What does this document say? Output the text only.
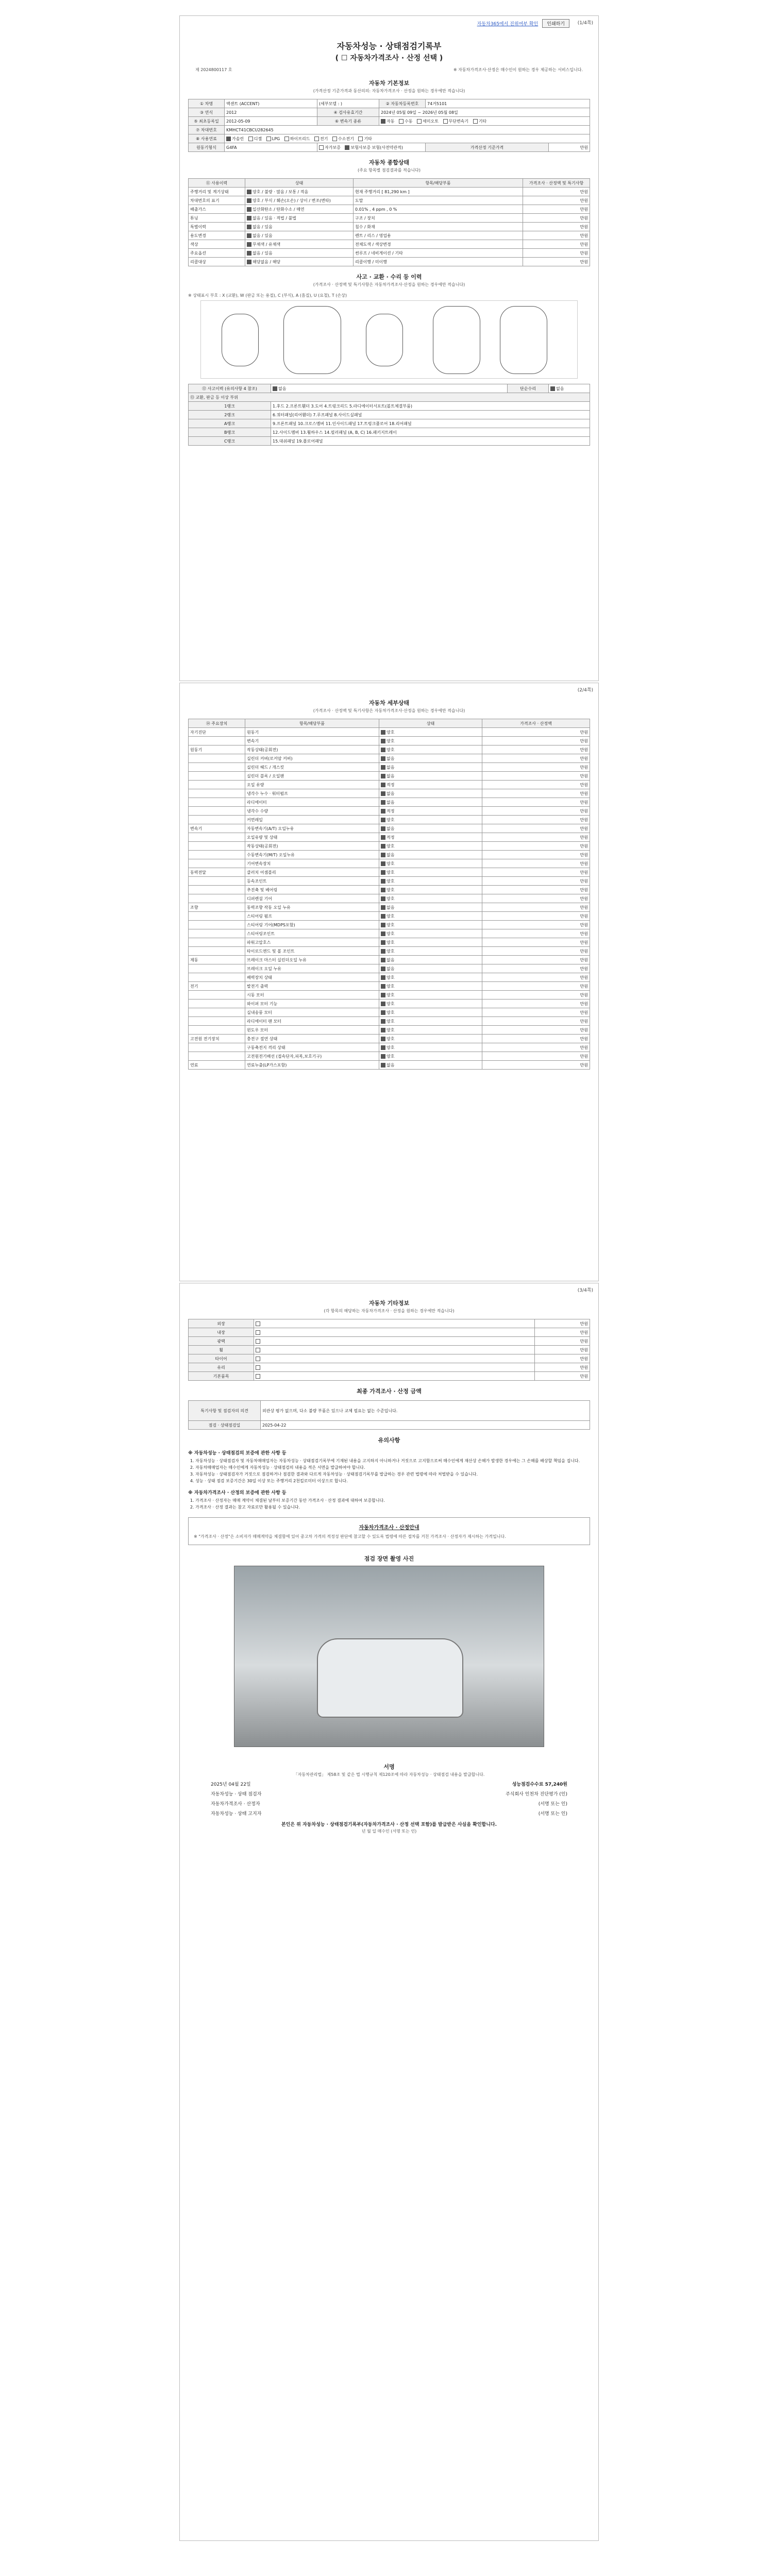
자동차365에서 진위여부 확인	인쇄하기	(1/4쪽)
자동차성능 · 상태점검기록부
( ☐ 자동차가격조사 · 산정 선택 )
제 2024800117 호	※ 자동차가격조사·산정은 매수인이 원하는 경우 제공하는 서비스입니다.
자동차 기본정보
(가격산정 기준가격과 동산의의: 자동차가격조사 · 산정을 원하는 경우에만 적습니다)
① 차명	액센트 (ACCENT)	(세부모델 : )	② 자동차등록번호	74거5101	
③ 연식	2012	④ 검사유효기간	2024년 05월 09일 ~ 2026년 05월 08일		
⑤ 최초등록일	2012-05-09	⑥ 변속기 종류	자동 수동 세미오토 무단변속기 기타		
⑦ 차대번호	KMHCT41CBCU282645				
⑧ 사용연료	가솔린 디젤 LPG 하이브리드 전기 수소전기 기타				
원동기형식	G4FA	자가보증 보험사보증 보험(사전약관적)		가격산정 기준가격	만원
자동차 종합상태
(주요 항목별 점검결과를 적습니다)
⑪ 사용이력	상태	항목/해당부품	가격조사 · 산정액 및 특기사항
주행거리 및 계기상태	양호 / 불량 · 많음 / 보통 / 적음	현재 주행거리 [ 81,290 km ]	만원
차대번호의 표기	양호 / 부식 / 훼손(오손) / 상이 / 변조(변타)	도말	만원
배출가스	일산화탄소 / 탄화수소 / 매연	0.01% , 4 ppm , 0 %	만원
튜닝	없음 / 있음 · 적법 / 불법	구조 / 장치	만원
특별이력	없음 / 있음	침수 / 화재	만원
용도변경	없음 / 있음	렌트 / 리스 / 영업용	만원
색상	무채색 / 유채색	전체도색 / 색상변경	만원
주요옵션	없음 / 있음	썬루프 / 네비게이션 / 기타	만원
리콜대상	해당없음 / 해당	리콜이행 / 미이행	만원
사고 · 교환 · 수리 등 이력
(가격조사 · 산정액 및 특기사항은 자동차가격조사·산정을 원하는 경우에만 적습니다)
※ 상태표시 부호 : X (교환), W (판금 또는 용접), C (부식), A (흠집), U (요철), T (손상)
⑫ 사고이력 (유의사항 4 참조)	없음	단순수리	없음
⑬ 교환, 판금 등 이상 부위			
1랭크	1.후드 2.프론트휀더 3.도어 4.트렁크리드 5.라디에이터서포트(볼트체결부품)		
2랭크	6.쿼터패널(리어휀더) 7.루프패널 8.사이드실패널		
A랭크	9.프론트패널 10.크로스멤버 11.인사이드패널 17.트렁크플로어 18.리어패널		
B랭크	12.사이드멤버 13.휠하우스 14.필러패널 (A, B, C) 16.패키지트레이		
C랭크	15.대쉬패널 19.플로어패널		
(2/4쪽)
자동차 세부상태
(가격조사 · 산정액 및 특기사항은 자동차가격조사·산정을 원하는 경우에만 적습니다)
⑭ 주요장치	항목/해당부품	상태	가격조사 · 산정액
자기진단	원동기	양호	만원
	변속기	양호	만원
원동기	작동상태(공회전)	양호	만원
	실린더 커버(로커암 커버)	없음	만원
	실린더 헤드 / 개스킷	없음	만원
	실린더 블록 / 오일팬	없음	만원
	오일 유량	적정	만원
	냉각수 누수 · 워터펌프	없음	만원
	라디에이터	없음	만원
	냉각수 수량	적정	만원
	커먼레일	양호	만원
변속기	자동변속기(A/T) 오일누유	없음	만원
	오일유량 및 상태	적정	만원
	작동상태(공회전)	양호	만원
	수동변속기(M/T) 오일누유	없음	만원
	기어변속장치	양호	만원
동력전달	클러치 어셈블리	양호	만원
	등속조인트	양호	만원
	추진축 및 베어링	양호	만원
	디퍼렌셜 기어	양호	만원
조향	동력조향 작동 오일 누유	없음	만원
	스티어링 펌프	양호	만원
	스티어링 기어(MDPS포함)	양호	만원
	스티어링조인트	양호	만원
	파워고압호스	양호	만원
	타이로드엔드 및 볼 조인트	양호	만원
제동	브레이크 마스터 실린더오일 누유	없음	만원
	브레이크 오일 누유	없음	만원
	배력장치 상태	양호	만원
전기	발전기 출력	양호	만원
	시동 모터	양호	만원
	와이퍼 모터 기능	양호	만원
	실내송풍 모터	양호	만원
	라디에이터 팬 모터	양호	만원
	윈도우 모터	양호	만원
고전원 전기장치	충전구 절연 상태	양호	만원
	구동축전지 격리 상태	양호	만원
	고전원전기배선 (접속단자,피복,보호기구)	양호	만원
연료	연료누출(LP가스포함)	없음	만원
(3/4쪽)
자동차 기타정보
(각 항목의 해당하는 자동차가격조사 · 산정을 원하는 경우에만 적습니다)
외장		만원
내장		만원
광택		만원
휠		만원
타이어		만원
유리		만원
기본품목		만원
최종 가격조사 · 산정 금액
특기사항 및 점검자의 의견	외관상 평가 없으며, 다소 불량 부품은 있으나 교체 필요는 없는 수준입니다.
점검 · 상태점검일	2025-04-22
유의사항
※ 자동차성능 · 상태점검의 보증에 관한 사항 등
1. 자동차성능 · 상태점검자 및 자동차매매업자는 자동차성능 · 상태점검기록부에 기재된 내용을 고지하지 아니하거나 거짓으로 고지함으로써 매수인에게 재산상 손해가 발생한 경우에는 그 손해를 배상할 책임을 집니다.
2. 자동차매매업자는 매수인에게 자동차성능 · 상태점검의 내용을 적은 서면을 발급하여야 합니다.
3. 자동차성능 · 상태점검자가 거짓으로 점검하거나 점검한 결과와 다르게 자동차성능 · 상태점검기록부를 발급하는 경우 관련 법령에 따라 처벌받을 수 있습니다.
4. 성능 · 상태 점검 보증기간은 30일 이상 또는 주행거리 2천킬로미터 이상으로 합니다.
※ 자동차가격조사 · 산정의 보증에 관한 사항 등
1. 가격조사 · 산정자는 매매 계약이 체결된 날부터 보증기간 동안 가격조사 · 산정 결과에 대하여 보증합니다.
2. 가격조사 · 산정 결과는 참고 자료로만 활용될 수 있습니다.
자동차가격조사 · 산정안내
※ "가격조사 · 산정"은 소비자가 매매계약을 체결함에 있어 중고차 가격의 적정성 판단에 참고할 수 있도록 법령에 따른 절차를 거친 가격조사 · 산정자가 제시하는 가격입니다.
점검 장면 촬영 사진
서명
「자동차관리법」 제58조 및 같은 법 시행규칙 제120조에 따라 자동차성능 · 상태점검 내용을 발급합니다.
2025년 04월 22일	성능점검수수료 57,240원
자동차성능 · 상태 점검자	주식회사 인천차 진단평가 (인)
자동차가격조사 · 산정자	(서명 또는 인)
자동차성능 · 상태 고지자	(서명 또는 인)
본인은 위 자동차성능 · 상태점검기록부(자동차가격조사 · 산정 선택 포함)를 발급받은 사실을 확인합니다.
년 월 일 매수인 (서명 또는 인)
